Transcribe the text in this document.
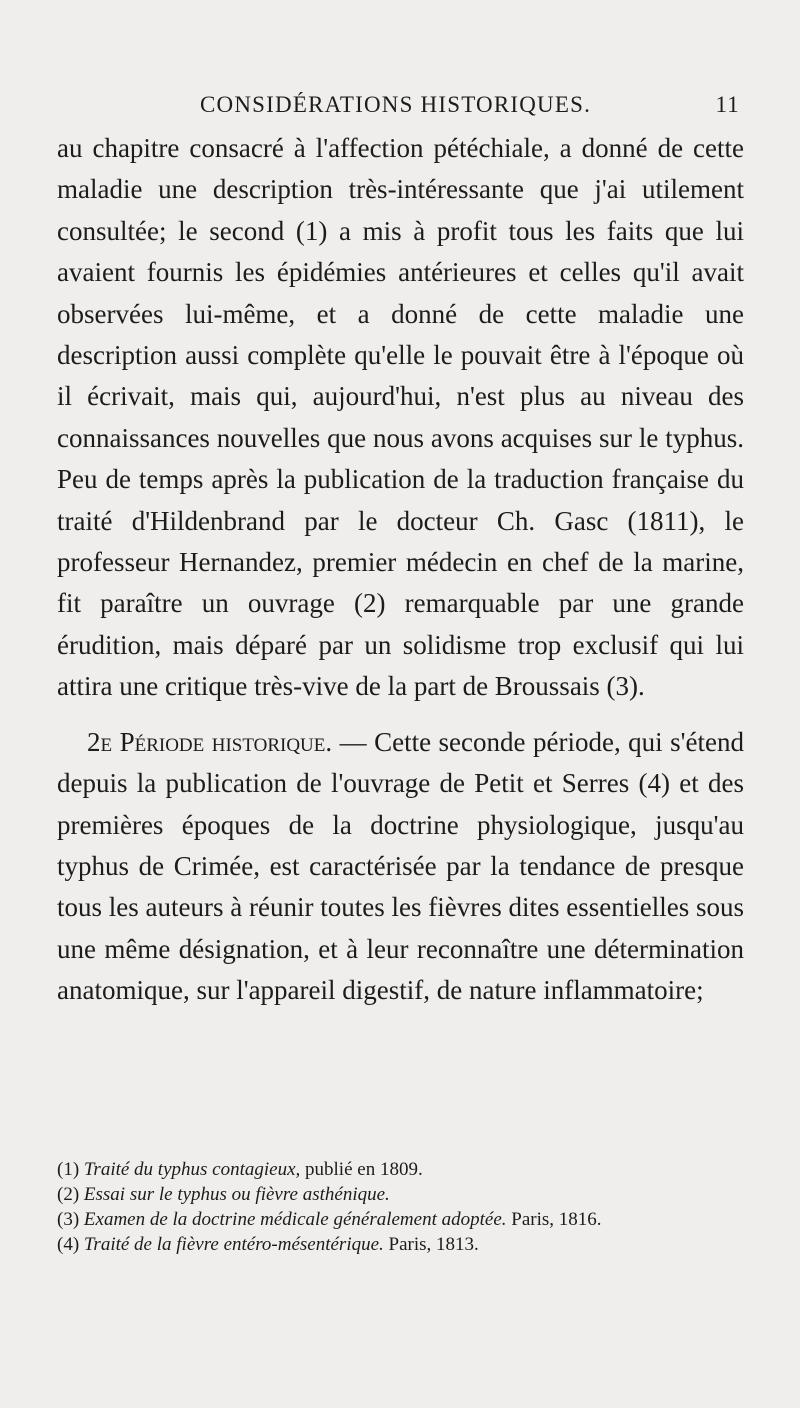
CONSIDÉRATIONS HISTORIQUES.	11

au chapitre consacré à l'affection pétéchiale, a donné de cette maladie une description très-intéressante que j'ai utilement consultée; le second (1) a mis à profit tous les faits que lui avaient fournis les épidémies antérieures et celles qu'il avait observées lui-même, et a donné de cette maladie une description aussi complète qu'elle le pouvait être à l'époque où il écrivait, mais qui, aujourd'hui, n'est plus au niveau des connaissances nouvelles que nous avons acquises sur le typhus. Peu de temps après la publication de la traduction française du traité d'Hildenbrand par le docteur Ch. Gasc (1811), le professeur Hernandez, premier médecin en chef de la marine, fit paraître un ouvrage (2) remarquable par une grande érudition, mais déparé par un solidisme trop exclusif qui lui attira une critique très-vive de la part de Broussais (3).

2e Période historique. — Cette seconde période, qui s'étend depuis la publication de l'ouvrage de Petit et Serres (4) et des premières époques de la doctrine physiologique, jusqu'au typhus de Crimée, est caractérisée par la tendance de presque tous les auteurs à réunir toutes les fièvres dites essentielles sous une même désignation, et à leur reconnaître une détermination anatomique, sur l'appareil digestif, de nature inflammatoire;

(1) Traité du typhus contagieux, publié en 1809.

(2) Essai sur le typhus ou fièvre asthénique.

(3) Examen de la doctrine médicale généralement adoptée. Paris, 1816.

(4) Traité de la fièvre entéro-mésentérique. Paris, 1813.
